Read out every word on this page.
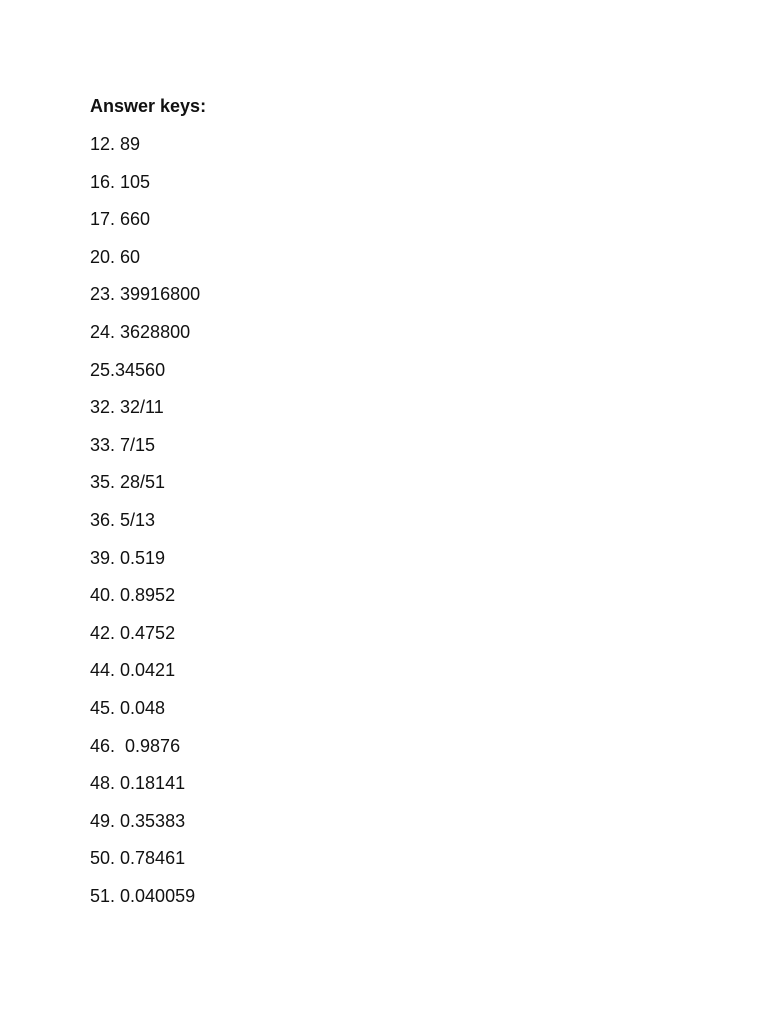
Answer keys:
12. 89
16. 105
17. 660
20. 60
23. 39916800
24. 3628800
25.34560
32. 32/11
33. 7/15
35. 28/51
36. 5/13
39. 0.519
40. 0.8952
42. 0.4752
44. 0.0421
45. 0.048
46.  0.9876
48. 0.18141
49. 0.35383
50. 0.78461
51. 0.040059
